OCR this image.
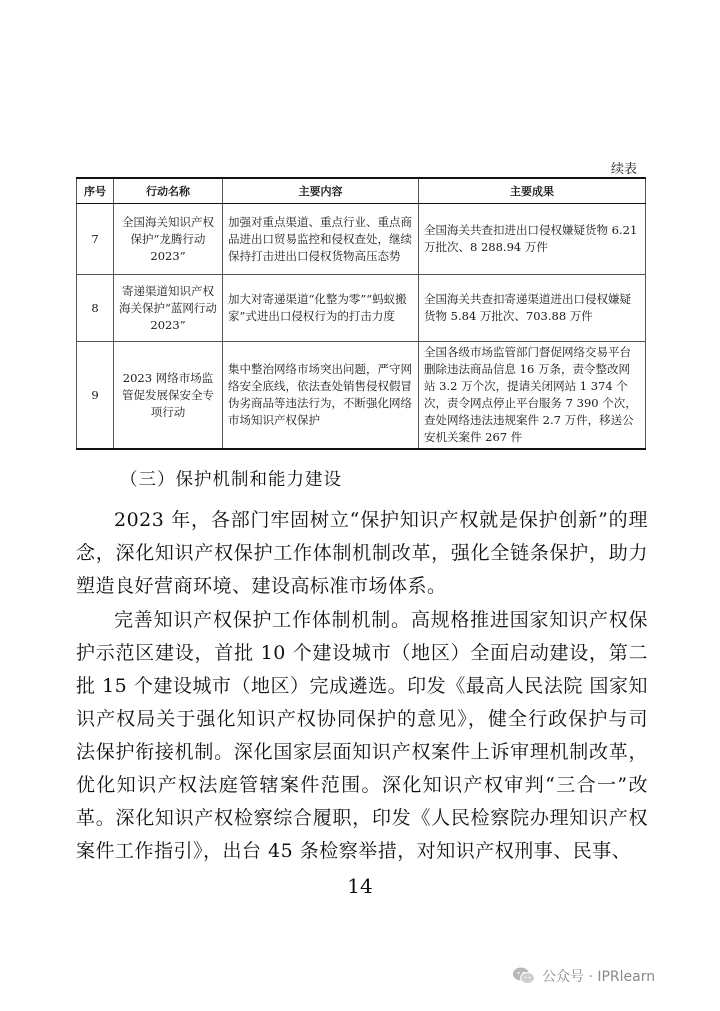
续表
序号	行动名称	主要内容	主要成果
7	全国海关知识产权保护“龙腾行动 2023”	加强对重点渠道、重点行业、重点商品进出口贸易监控和侵权查处，继续保持打击进出口侵权货物高压态势	全国海关共查扣进出口侵权嫌疑货物 6.21 万批次、8 288.94 万件
8	寄递渠道知识产权海关保护“蓝网行动 2023”	加大对寄递渠道“化整为零”“蚂蚁搬家”式进出口侵权行为的打击力度	全国海关共查扣寄递渠道进出口侵权嫌疑货物 5.84 万批次、703.88 万件
9	2023 网络市场监管促发展保安全专项行动	集中整治网络市场突出问题，严守网络安全底线，依法查处销售侵权假冒伪劣商品等违法行为，不断强化网络市场知识产权保护	全国各级市场监管部门督促网络交易平台删除违法商品信息 16 万条，责令整改网站 3.2 万个次，提请关闭网站 1 374 个次，责令网点停止平台服务 7 390 个次，查处网络违法违规案件 2.7 万件，移送公安机关案件 267 件
（三）保护机制和能力建设

2023 年，各部门牢固树立“保护知识产权就是保护创新”的理念，深化知识产权保护工作体制机制改革，强化全链条保护，助力塑造良好营商环境、建设高标准市场体系。

完善知识产权保护工作体制机制。高规格推进国家知识产权保护示范区建设，首批 10 个建设城市（地区）全面启动建设，第二批 15 个建设城市（地区）完成遴选。印发《最高人民法院 国家知识产权局关于强化知识产权协同保护的意见》，健全行政保护与司法保护衔接机制。深化国家层面知识产权案件上诉审理机制改革，优化知识产权法庭管辖案件范围。深化知识产权审判“三合一”改革。深化知识产权检察综合履职，印发《人民检察院办理知识产权案件工作指引》，出台 45 条检察举措，对知识产权刑事、民事、

14
公众号 · IPRlearn
